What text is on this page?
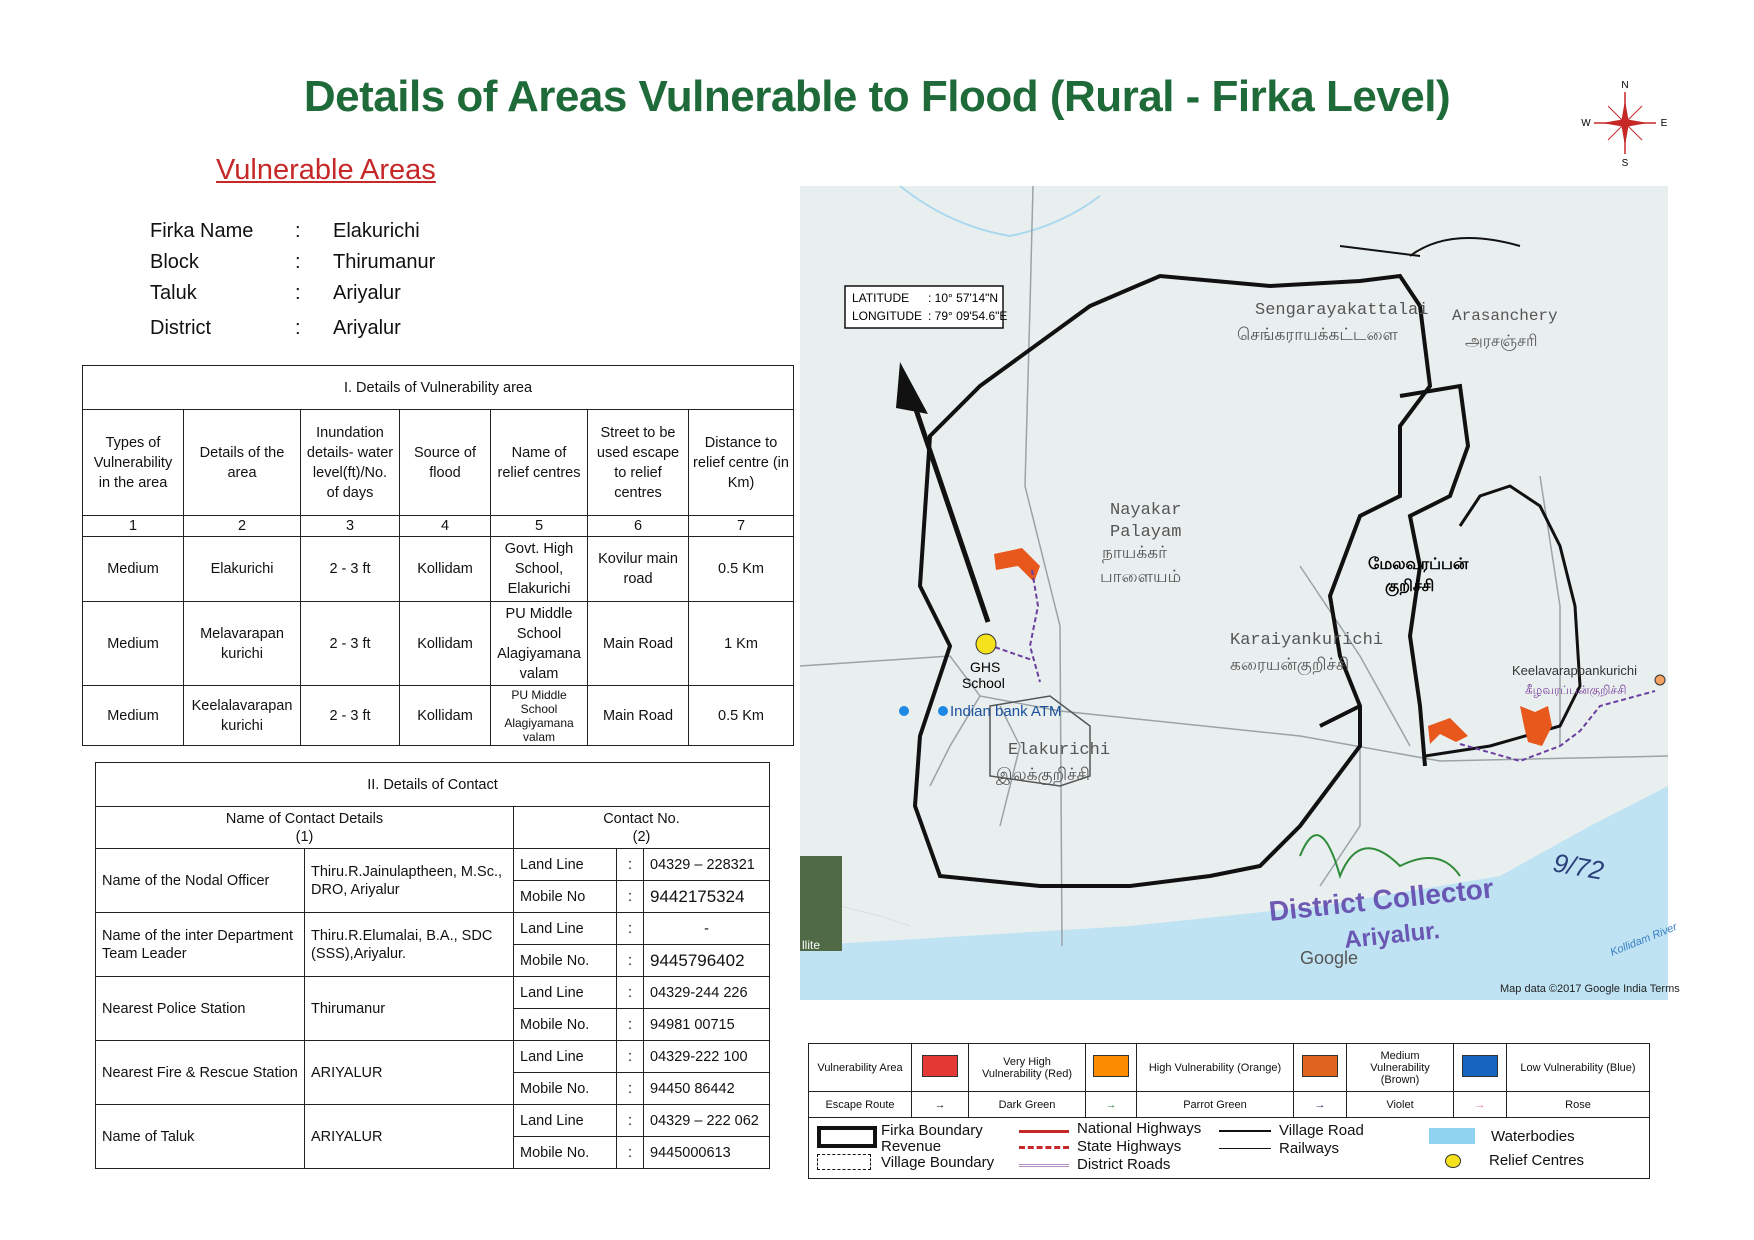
Details of Areas Vulnerable to Flood (Rural - Firka Level)
Vulnerable Areas
Firka Name : Elakurichi
Block	: Thirumanur
Taluk	: Ariyalur
District	: Ariyalur
I. Details of Vulnerability area						
Types of Vulnerability in the area	Details of the area	Inundation details- water level(ft)/No. of days	Source of flood	Name of relief centres	Street to be used escape to relief centres	Distance to relief centre (in Km)
1	2	3	4	5	6	7
Medium	Elakurichi	2 - 3 ft	Kollidam	Govt. High School, Elakurichi	Kovilur main road	0.5 Km
Medium	Melavarapan kurichi	2 - 3 ft	Kollidam	PU Middle School Alagiyamana valam	Main Road	1 Km
Medium	Keelalavarapan kurichi	2 - 3 ft	Kollidam	PU Middle School Alagiyamana valam	Main Road	0.5 Km
II. Details of Contact				
Name of Contact Details
(1)		Contact No.
(2)		
Name of the Nodal Officer	Thiru.R.Jainulaptheen, M.Sc., DRO, Ariyalur	Land Line	:	04329 – 228321
		Mobile No	:	9442175324
Name of the inter Department Team Leader	Thiru.R.Elumalai, B.A., SDC (SSS),Ariyalur.	Land Line	:	-
		Mobile No.	:	9445796402
Nearest Police Station	Thirumanur	Land Line	:	04329-244 226
		Mobile No.	:	94981 00715
Nearest Fire & Rescue Station	ARIYALUR	Land Line	:	04329-222 100
		Mobile No.	:	94450 86442
Name of Taluk	ARIYALUR	Land Line	:	04329 – 222 062
		Mobile No.	:	9445000613
N
S
E
W
llite
LATITUDE : 10° 57'14"N
LONGITUDE : 79° 09'54.6"E
GHS
School
Indian bank ATM
Sengarayakattalai
செங்கராயக்கட்டளை
Arasanchery
அரசஞ்சரி
Nayakar
Palayam
நாயக்கர்
பாளையம்
Karaiyankurichi
கரையன்குறிச்சி
Elakurichi
இலக்குறிச்சி
மேலவரப்பன்
குறிச்சி
Keelavarappankurichi
கீழவரப்பன்குறிச்சி
District Collector
Ariyalur.
9/72
Google	Kollidam River
Map data ©2017 Google India Terms
Vulnerability Area		Very High Vulnerability (Red)		High Vulnerability (Orange)		Medium Vulnerability (Brown)		Low Vulnerability (Blue)
Escape Route	→	Dark Green	→	Parrot Green	→	Violet	→	Rose
Firka Boundary
Revenue
Village Boundary
National Highways
State Highways
District Roads
Village Road
Railways
Waterbodies
Relief Centres
